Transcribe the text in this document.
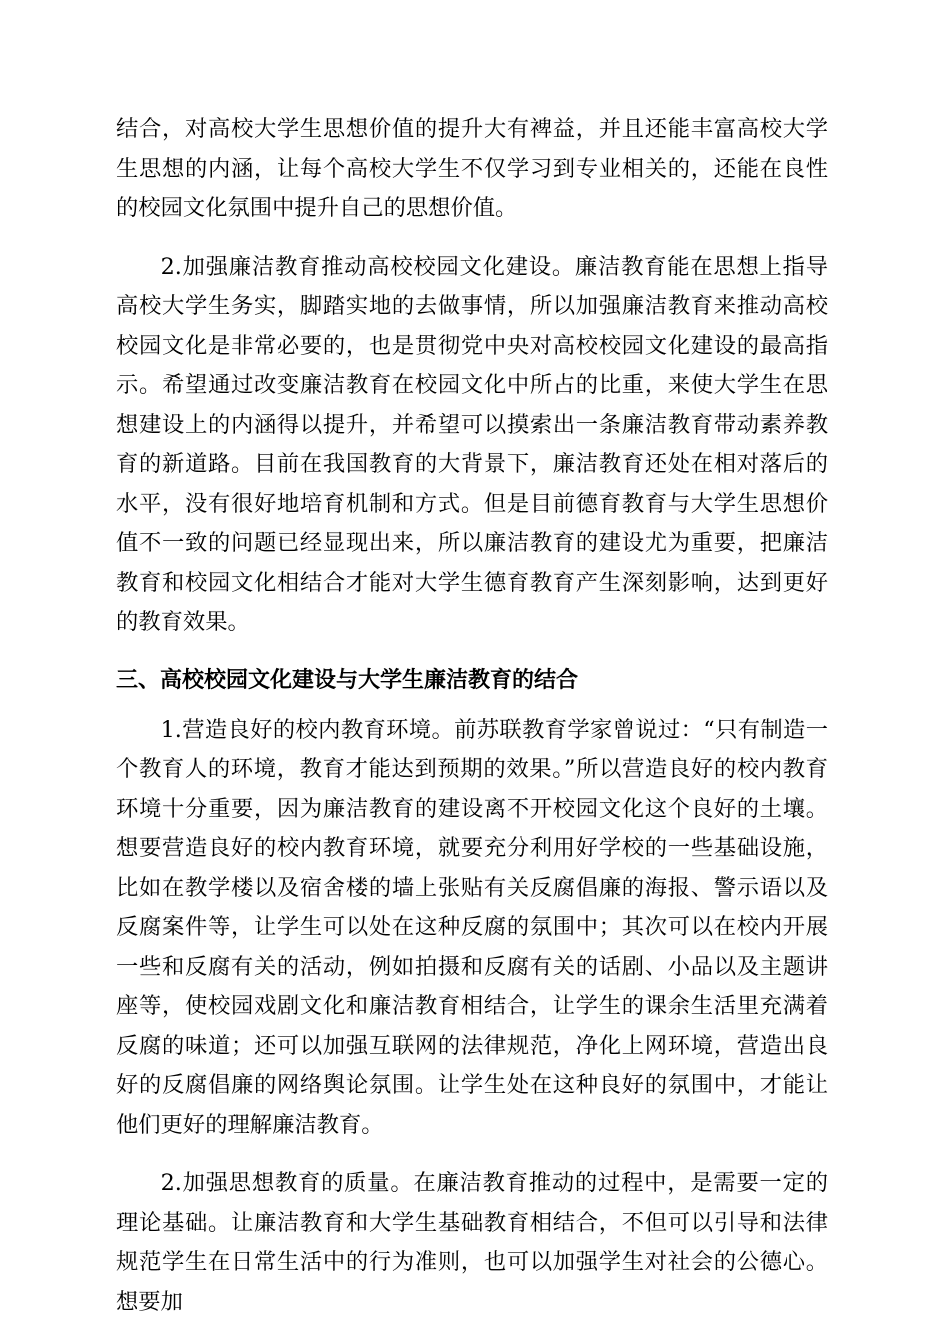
结合，对高校大学生思想价值的提升大有裨益，并且还能丰富高校大学生思想的内涵，让每个高校大学生不仅学习到专业相关的，还能在良性的校园文化氛围中提升自己的思想价值。

2.加强廉洁教育推动高校校园文化建设。廉洁教育能在思想上指导高校大学生务实，脚踏实地的去做事情，所以加强廉洁教育来推动高校校园文化是非常必要的，也是贯彻党中央对高校校园文化建设的最高指示。希望通过改变廉洁教育在校园文化中所占的比重，来使大学生在思想建设上的内涵得以提升，并希望可以摸索出一条廉洁教育带动素养教育的新道路。目前在我国教育的大背景下，廉洁教育还处在相对落后的水平，没有很好地培育机制和方式。但是目前德育教育与大学生思想价值不一致的问题已经显现出来，所以廉洁教育的建设尤为重要，把廉洁教育和校园文化相结合才能对大学生德育教育产生深刻影响，达到更好的教育效果。

三、高校校园文化建设与大学生廉洁教育的结合

1.营造良好的校内教育环境。前苏联教育学家曾说过：“只有制造一个教育人的环境，教育才能达到预期的效果。”所以营造良好的校内教育环境十分重要，因为廉洁教育的建设离不开校园文化这个良好的土壤。想要营造良好的校内教育环境，就要充分利用好学校的一些基础设施，比如在教学楼以及宿舍楼的墙上张贴有关反腐倡廉的海报、警示语以及反腐案件等，让学生可以处在这种反腐的氛围中；其次可以在校内开展一些和反腐有关的活动，例如拍摄和反腐有关的话剧、小品以及主题讲座等，使校园戏剧文化和廉洁教育相结合，让学生的课余生活里充满着反腐的味道；还可以加强互联网的法律规范，净化上网环境，营造出良好的反腐倡廉的网络舆论氛围。让学生处在这种良好的氛围中，才能让他们更好的理解廉洁教育。

2.加强思想教育的质量。在廉洁教育推动的过程中，是需要一定的理论基础。让廉洁教育和大学生基础教育相结合，不但可以引导和法律规范学生在日常生活中的行为准则，也可以加强学生对社会的公德心。想要加
